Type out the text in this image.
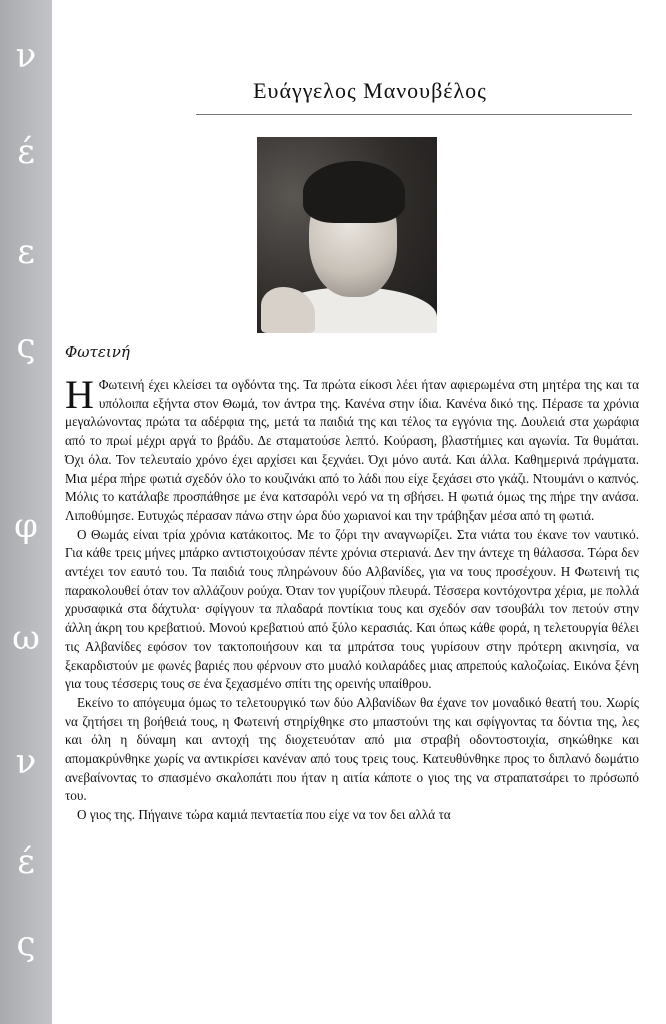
ν
έ
ε
ς
φ
ω
ν
έ
ς
Ευάγγελος Μανουβέλος
Φωτεινή

Η Φωτεινή έχει κλείσει τα ογδόντα της. Τα πρώτα είκοσι λέει ήταν αφιερωμένα στη μητέρα της και τα υπόλοιπα εξήντα στον Θωμά, τον άντρα της. Κανένα στην ίδια. Κανένα δικό της. Πέρασε τα χρόνια μεγαλώνοντας πρώτα τα αδέρφια της, μετά τα παιδιά της και τέλος τα εγγόνια της. Δουλειά στα χωράφια από το πρωί μέχρι αργά το βράδυ. Δε σταματούσε λεπτό. Κούραση, βλαστήμιες και αγωνία. Τα θυμάται. Όχι όλα. Τον τελευταίο χρόνο έχει αρχίσει και ξεχνάει. Όχι μόνο αυτά. Και άλλα. Καθημερινά πράγματα. Μια μέρα πήρε φωτιά σχεδόν όλο το κουζινάκι από το λάδι που είχε ξεχάσει στο γκάζι. Ντουμάνι ο καπνός. Μόλις το κατάλαβε προσπάθησε με ένα κατσαρόλι νερό να τη σβήσει. Η φωτιά όμως της πήρε την ανάσα. Λιποθύμησε. Ευτυχώς πέρασαν πάνω στην ώρα δύο χωριανοί και την τράβηξαν μέσα από τη φωτιά.

Ο Θωμάς είναι τρία χρόνια κατάκοιτος. Με το ζόρι την αναγνωρίζει. Στα νιάτα του έκανε τον ναυτικό. Για κάθε τρεις μήνες μπάρκο αντιστοιχούσαν πέντε χρόνια στεριανά. Δεν την άντεχε τη θάλασσα. Τώρα δεν αντέχει τον εαυτό του. Τα παιδιά τους πληρώνουν δύο Αλβανίδες, για να τους προσέχουν. Η Φωτεινή τις παρακολουθεί όταν τον αλλάζουν ρούχα. Όταν τον γυρίζουν πλευρά. Τέσσερα κοντόχοντρα χέρια, με πολλά χρυσαφικά στα δάχτυλα· σφίγγουν τα πλαδαρά ποντίκια τους και σχεδόν σαν τσουβάλι τον πετούν στην άλλη άκρη του κρεβατιού. Μονού κρεβατιού από ξύλο κερασιάς. Και όπως κάθε φορά, η τελετουργία θέλει τις Αλβανίδες εφόσον τον τακτοποιήσουν και τα μπράτσα τους γυρίσουν στην πρότερη ακινησία, να ξεκαρδιστούν με φωνές βαριές που φέρνουν στο μυαλό κοιλαράδες μιας απρεπούς καλοζωίας. Εικόνα ξένη για τους τέσσερις τους σε ένα ξεχασμένο σπίτι της ορεινής υπαίθρου.

Εκείνο το απόγευμα όμως το τελετουργικό των δύο Αλβανίδων θα έχανε τον μοναδικό θεατή του. Χωρίς να ζητήσει τη βοήθειά τους, η Φωτεινή στηρίχθηκε στο μπαστούνι της και σφίγγοντας τα δόντια της, λες και όλη η δύναμη και αντοχή της διοχετευόταν από μια στραβή οδοντοστοιχία, σηκώθηκε και απομακρύνθηκε χωρίς να αντικρίσει κανέναν από τους τρεις τους. Κατευθύνθηκε προς το διπλανό δωμάτιο ανεβαίνοντας το σπασμένο σκαλοπάτι που ήταν η αιτία κάποτε ο γιος της να στραπατσάρει το πρόσωπό του.

Ο γιος της. Πήγαινε τώρα καμιά πενταετία που είχε να τον δει αλλά τα
